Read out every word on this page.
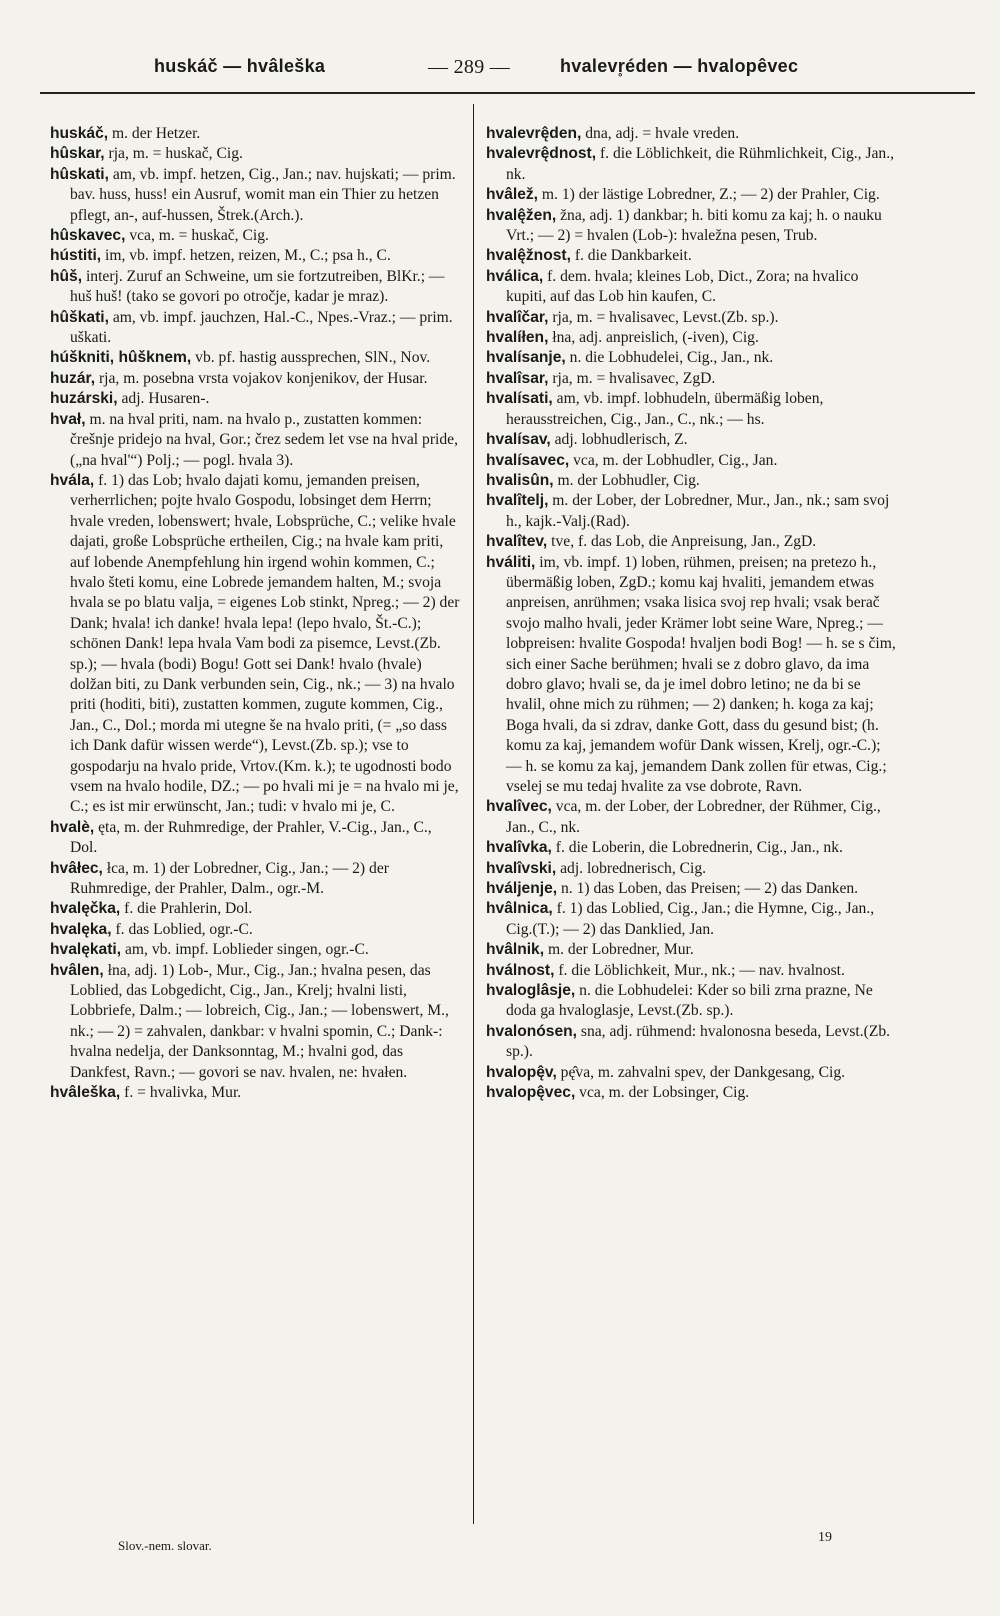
huskáč — hvâleška	— 289 —	hvalevr̥éden — hvalopêvec
huskáč, m. der Hetzer.
hûskar, rja, m. = huskač, Cig.
hûskati, am, vb. impf. hetzen, Cig., Jan.; nav. hujskati; — prim. bav. huss, huss! ein Ausruf, womit man ein Thier zu hetzen pflegt, an-, auf-hussen, Štrek.(Arch.).
hûskavec, vca, m. = huskač, Cig.
hústiti, im, vb. impf. hetzen, reizen, M., C.; psa h., C.
hûš, interj. Zuruf an Schweine, um sie fortzutreiben, BlKr.; — huš huš! (tako se govori po otročje, kadar je mraz).
hûškati, am, vb. impf. jauchzen, Hal.-C., Npes.-Vraz.; — prim. uškati.
húškniti, hûšknem, vb. pf. hastig aussprechen, SlN., Nov.
huzár, rja, m. posebna vrsta vojakov konjenikov, der Husar.
huzárski, adj. Husaren-.
hvał, m. na hval priti, nam. na hvalo p., zustatten kommen: črešnje pridejo na hval, Gor.; črez sedem let vse na hval pride, („na hval'“) Polj.; — pogl. hvala 3).
hvála, f. 1) das Lob; hvalo dajati komu, jemanden preisen, verherrlichen; pojte hvalo Gospodu, lobsinget dem Herrn; hvale vreden, lobenswert; hvale, Lobsprüche, C.; velike hvale dajati, große Lobsprüche ertheilen, Cig.; na hvale kam priti, auf lobende Anempfehlung hin irgend wohin kommen, C.; hvalo šteti komu, eine Lobrede jemandem halten, M.; svoja hvala se po blatu valja, = eigenes Lob stinkt, Npreg.; — 2) der Dank; hvala! ich danke! hvala lepa! (lepo hvalo, Št.-C.); schönen Dank! lepa hvala Vam bodi za pisemce, Levst.(Zb. sp.); — hvala (bodi) Bogu! Gott sei Dank! hvalo (hvale) dolžan biti, zu Dank verbunden sein, Cig., nk.; — 3) na hvalo priti (hoditi, biti), zustatten kommen, zugute kommen, Cig., Jan., C., Dol.; morda mi utegne še na hvalo priti, (= „so dass ich Dank dafür wissen werde“), Levst.(Zb. sp.); vse to gospodarju na hvalo pride, Vrtov.(Km. k.); te ugodnosti bodo vsem na hvalo hodile, DZ.; — po hvali mi je = na hvalo mi je, C.; es ist mir erwünscht, Jan.; tudi: v hvalo mi je, C.
hvalè, ęta, m. der Ruhmredige, der Prahler, V.-Cig., Jan., C., Dol.
hvâłec, łca, m. 1) der Lobredner, Cig., Jan.; — 2) der Ruhmredige, der Prahler, Dalm., ogr.-M.
hvalęčka, f. die Prahlerin, Dol.
hvalęka, f. das Loblied, ogr.-C.
hvalękati, am, vb. impf. Loblieder singen, ogr.-C.
hvâlen, łna, adj. 1) Lob-, Mur., Cig., Jan.; hvalna pesen, das Loblied, das Lobgedicht, Cig., Jan., Krelj; hvalni listi, Lobbriefe, Dalm.; — lobreich, Cig., Jan.; — lobenswert, M., nk.; — 2) = zahvalen, dankbar: v hvalni spomin, C.; Dank-: hvalna nedelja, der Danksonntag, M.; hvalni god, das Dankfest, Ravn.; — govori se nav. hvalen, ne: hvałen.
hvâleška, f. = hvalivka, Mur.
hvalevrę̂den, dna, adj. = hvale vreden.
hvalevrę̂dnost, f. die Löblichkeit, die Rühmlichkeit, Cig., Jan., nk.
hvâlež, m. 1) der lästige Lobredner, Z.; — 2) der Prahler, Cig.
hvalę̂žen, žna, adj. 1) dankbar; h. biti komu za kaj; h. o nauku Vrt.; — 2) = hvalen (Lob-): hvaležna pesen, Trub.
hvalę̂žnost, f. die Dankbarkeit.
hválica, f. dem. hvala; kleines Lob, Dict., Zora; na hvalico kupiti, auf das Lob hin kaufen, C.
hvalîčar, rja, m. = hvalisavec, Levst.(Zb. sp.).
hvalíłen, łna, adj. anpreislich, (-iven), Cig.
hvalísanje, n. die Lobhudelei, Cig., Jan., nk.
hvalîsar, rja, m. = hvalisavec, ZgD.
hvalísati, am, vb. impf. lobhudeln, übermäßig loben, herausstreichen, Cig., Jan., C., nk.; — hs.
hvalísav, adj. lobhudlerisch, Z.
hvalísavec, vca, m. der Lobhudler, Cig., Jan.
hvalisûn, m. der Lobhudler, Cig.
hvalîtelj, m. der Lober, der Lobredner, Mur., Jan., nk.; sam svoj h., kajk.-Valj.(Rad).
hvalîtev, tve, f. das Lob, die Anpreisung, Jan., ZgD.
hváliti, im, vb. impf. 1) loben, rühmen, preisen; na pretezo h., übermäßig loben, ZgD.; komu kaj hvaliti, jemandem etwas anpreisen, anrühmen; vsaka lisica svoj rep hvali; vsak berač svojo malho hvali, jeder Krämer lobt seine Ware, Npreg.; — lobpreisen: hvalite Gospoda! hvaljen bodi Bog! — h. se s čim, sich einer Sache berühmen; hvali se z dobro glavo, da ima dobro glavo; hvali se, da je imel dobro letino; ne da bi se hvalil, ohne mich zu rühmen; — 2) danken; h. koga za kaj; Boga hvali, da si zdrav, danke Gott, dass du gesund bist; (h. komu za kaj, jemandem wofür Dank wissen, Krelj, ogr.-C.); — h. se komu za kaj, jemandem Dank zollen für etwas, Cig.; vselej se mu tedaj hvalite za vse dobrote, Ravn.
hvalîvec, vca, m. der Lober, der Lobredner, der Rühmer, Cig., Jan., C., nk.
hvalîvka, f. die Loberin, die Lobrednerin, Cig., Jan., nk.
hvalîvski, adj. lobrednerisch, Cig.
hváljenje, n. 1) das Loben, das Preisen; — 2) das Danken.
hvâlnica, f. 1) das Loblied, Cig., Jan.; die Hymne, Cig., Jan., Cig.(T.); — 2) das Danklied, Jan.
hvâlnik, m. der Lobredner, Mur.
hválnost, f. die Löblichkeit, Mur., nk.; — nav. hvalnost.
hvaloglâsje, n. die Lobhudelei: Kder so bili zrna prazne, Ne doda ga hvaloglasje, Levst.(Zb. sp.).
hvalonósen, sna, adj. rühmend: hvalonosna beseda, Levst.(Zb. sp.).
hvalopę̂v, pę̂va, m. zahvalni spev, der Dankgesang, Cig.
hvalopę̂vec, vca, m. der Lobsinger, Cig.
Slov.-nem. slovar.
19
